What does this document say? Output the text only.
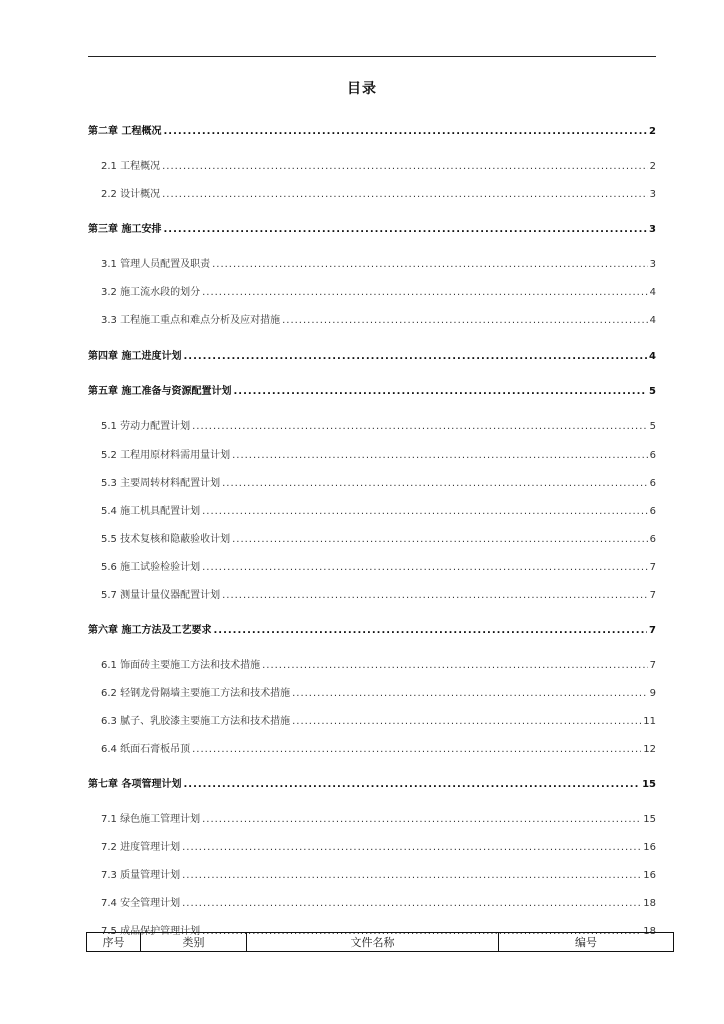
目录
第二章 工程概况 .....	2
2.1 工程概况 .....	2
2.2 设计概况 .....	3
第三章 施工安排 .....	3
3.1 管理人员配置及职责 .....	3
3.2 施工流水段的划分 .....	4
3.3 工程施工重点和难点分析及应对措施 .....	4
第四章 施工进度计划 .....	4
第五章 施工准备与资源配置计划 .....	5
5.1 劳动力配置计划 .....	5
5.2 工程用原材料需用量计划 .....	6
5.3 主要周转材料配置计划 .....	6
5.4 施工机具配置计划 .....	6
5.5 技术复核和隐蔽验收计划 .....	6
5.6 施工试验检验计划 .....	7
5.7 测量计量仪器配置计划 .....	7
第六章 施工方法及工艺要求 .....	7
6.1 饰面砖主要施工方法和技术措施 .....	7
6.2 轻钢龙骨隔墙主要施工方法和技术措施 .....	9
6.3 腻子、乳胶漆主要施工方法和技术措施 .....	11
6.4 纸面石膏板吊顶 .....	12
第七章 各项管理计划 .....	15
7.1 绿色施工管理计划 .....	15
7.2 进度管理计划 .....	16
7.3 质量管理计划 .....	16
7.4 安全管理计划 .....	18
7.5 成品保护管理计划 .....	18
序号	类别	文件名称	编号
